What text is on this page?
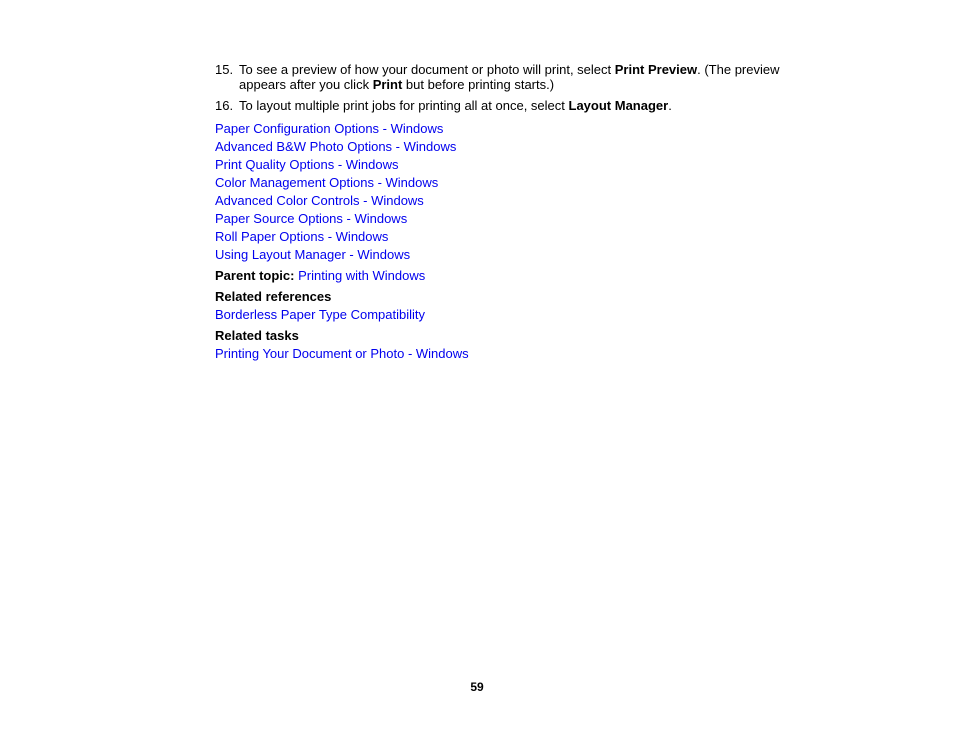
15. To see a preview of how your document or photo will print, select Print Preview. (The preview appears after you click Print but before printing starts.)
16. To layout multiple print jobs for printing all at once, select Layout Manager.
Paper Configuration Options - Windows
Advanced B&W Photo Options - Windows
Print Quality Options - Windows
Color Management Options - Windows
Advanced Color Controls - Windows
Paper Source Options - Windows
Roll Paper Options - Windows
Using Layout Manager - Windows
Parent topic: Printing with Windows
Related references
Borderless Paper Type Compatibility
Related tasks
Printing Your Document or Photo - Windows
59
